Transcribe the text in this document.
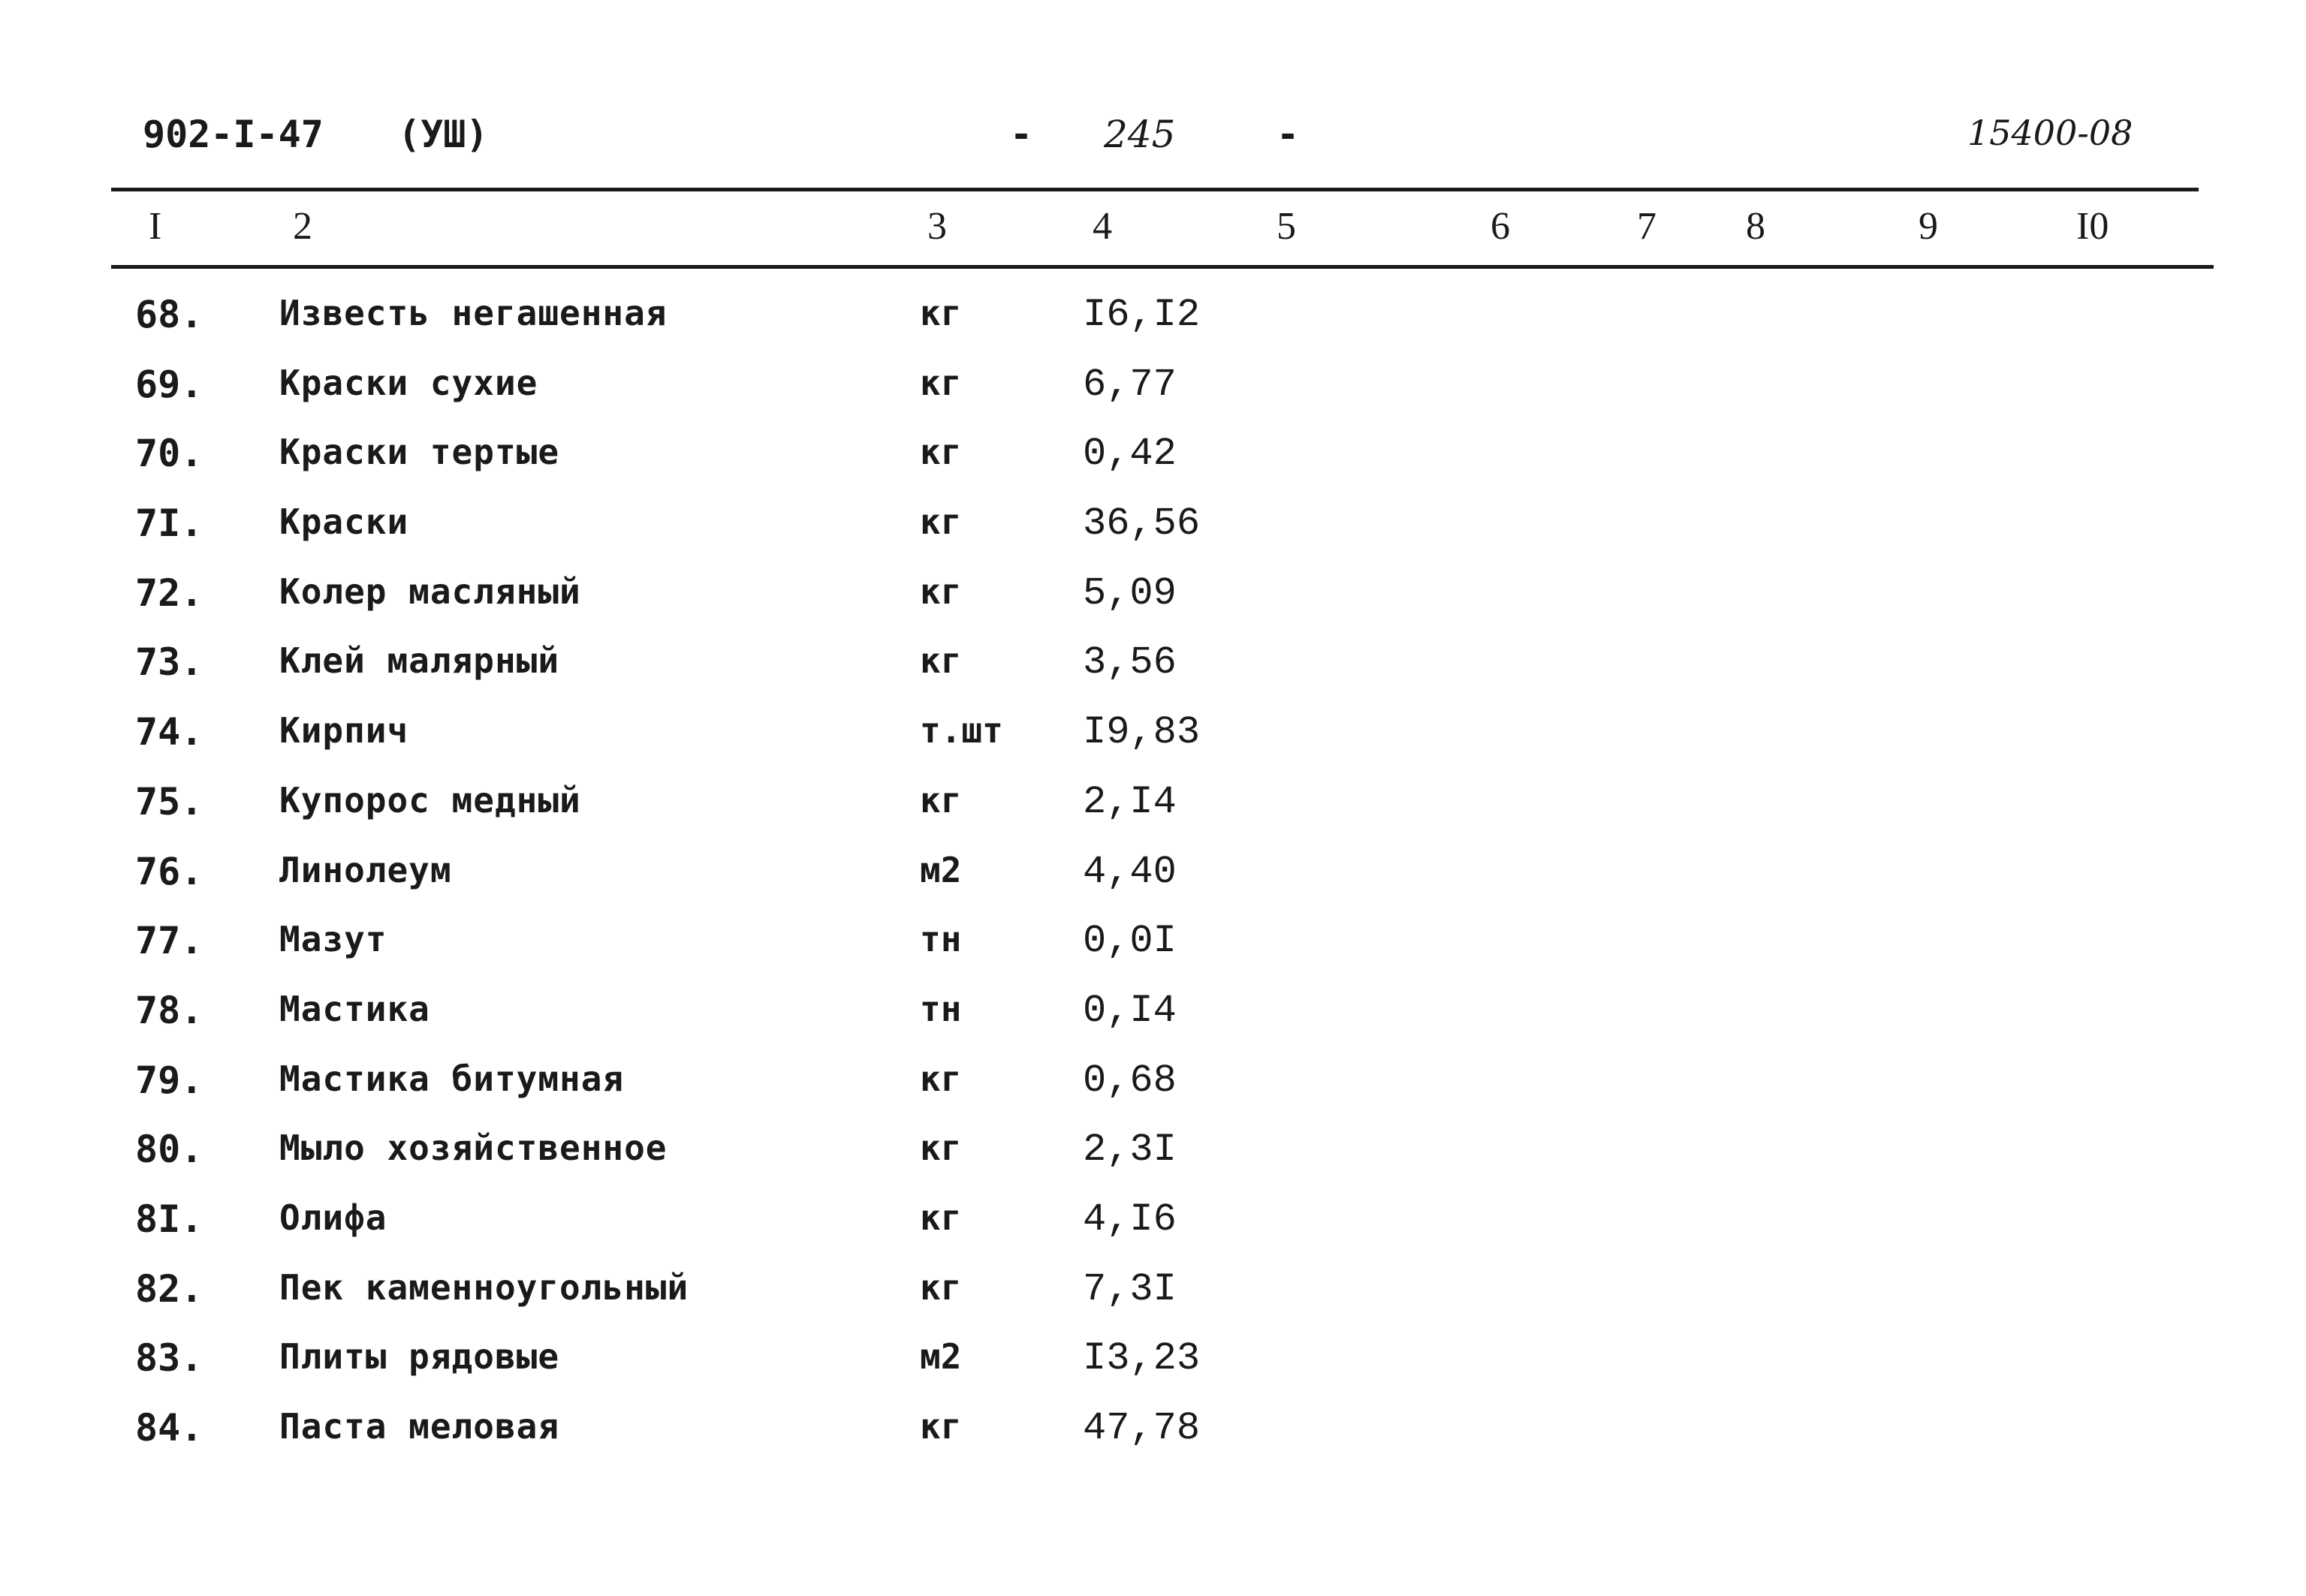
902-I-47 (УШ)	- 245	-	15400-08
I	2	3	4	5	6	7 8	9	I0
68. Известь негашенная	кг	I6,I2
69. Краски сухие	кг	6,77
70. Краски тертые	кг	0,42
7I. Краски	кг	36,56
72. Колер масляный	кг	5,09
73. Клей малярный	кг	3,56
74. Кирпич	т.шт I9,83
75. Купорос медный	кг	2,I4
76. Линолеум	м2	4,40
77. Мазут	тн	0,0I
78. Мастика	тн	0,I4
79. Мастика битумная	кг	0,68
80. Мыло хозяйственное	кг	2,3I
8I. Олифа	кг	4,I6
82. Пек каменноугольный	кг	7,3I
83. Плиты рядовые	м2	I3,23
84. Паста меловая	кг	47,78
